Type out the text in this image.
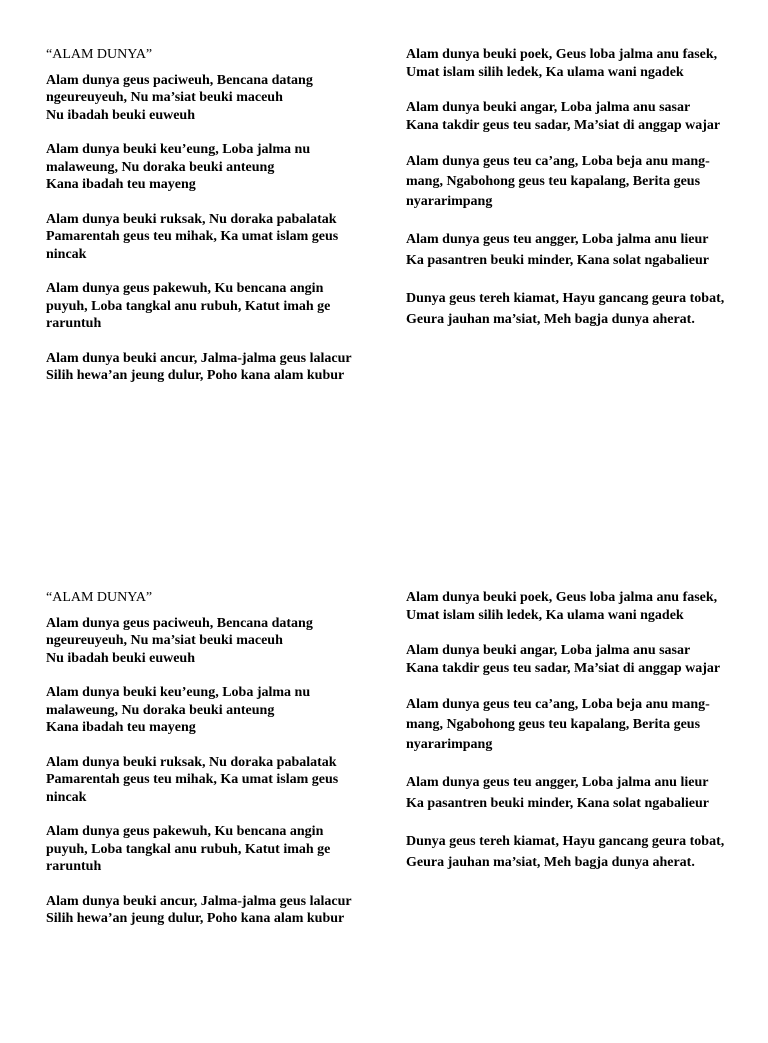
“ALAM DUNYA”
Alam dunya geus paciweuh, Bencana datang ngeureuyeuh, Nu ma’siat beuki maceuh
Nu ibadah beuki euweuh
Alam dunya beuki keu’eung, Loba jalma nu malaweung, Nu doraka beuki anteung
Kana ibadah teu mayeng
Alam dunya beuki ruksak, Nu doraka pabalatak
Pamarentah geus teu mihak, Ka umat islam geus nincak
Alam dunya geus pakewuh, Ku bencana angin puyuh, Loba tangkal anu rubuh, Katut imah ge raruntuh
Alam dunya beuki ancur, Jalma-jalma geus lalacur
Silih hewa’an jeung dulur, Poho kana alam kubur
Alam dunya beuki poek, Geus loba jalma anu fasek, Umat islam silih ledek, Ka ulama wani ngadek
Alam dunya beuki angar, Loba jalma anu sasar
Kana takdir geus teu sadar, Ma’siat di anggap wajar
Alam dunya geus teu ca’ang, Loba beja anu mang-mang, Ngabohong geus teu kapalang, Berita geus nyararimpang
Alam dunya geus teu angger, Loba jalma anu lieur
Ka pasantren beuki minder, Kana solat ngabalieur
Dunya geus tereh kiamat, Hayu gancang geura tobat, Geura jauhan ma’siat, Meh bagja dunya aherat.
“ALAM DUNYA”
Alam dunya geus paciweuh, Bencana datang ngeureuyeuh, Nu ma’siat beuki maceuh
Nu ibadah beuki euweuh
Alam dunya beuki keu’eung, Loba jalma nu malaweung, Nu doraka beuki anteung
Kana ibadah teu mayeng
Alam dunya beuki ruksak, Nu doraka pabalatak
Pamarentah geus teu mihak, Ka umat islam geus nincak
Alam dunya geus pakewuh, Ku bencana angin puyuh, Loba tangkal anu rubuh, Katut imah ge raruntuh
Alam dunya beuki ancur, Jalma-jalma geus lalacur
Silih hewa’an jeung dulur, Poho kana alam kubur
Alam dunya beuki poek, Geus loba jalma anu fasek, Umat islam silih ledek, Ka ulama wani ngadek
Alam dunya beuki angar, Loba jalma anu sasar
Kana takdir geus teu sadar, Ma’siat di anggap wajar
Alam dunya geus teu ca’ang, Loba beja anu mang-mang, Ngabohong geus teu kapalang, Berita geus nyararimpang
Alam dunya geus teu angger, Loba jalma anu lieur
Ka pasantren beuki minder, Kana solat ngabalieur
Dunya geus tereh kiamat, Hayu gancang geura tobat, Geura jauhan ma’siat, Meh bagja dunya aherat.
